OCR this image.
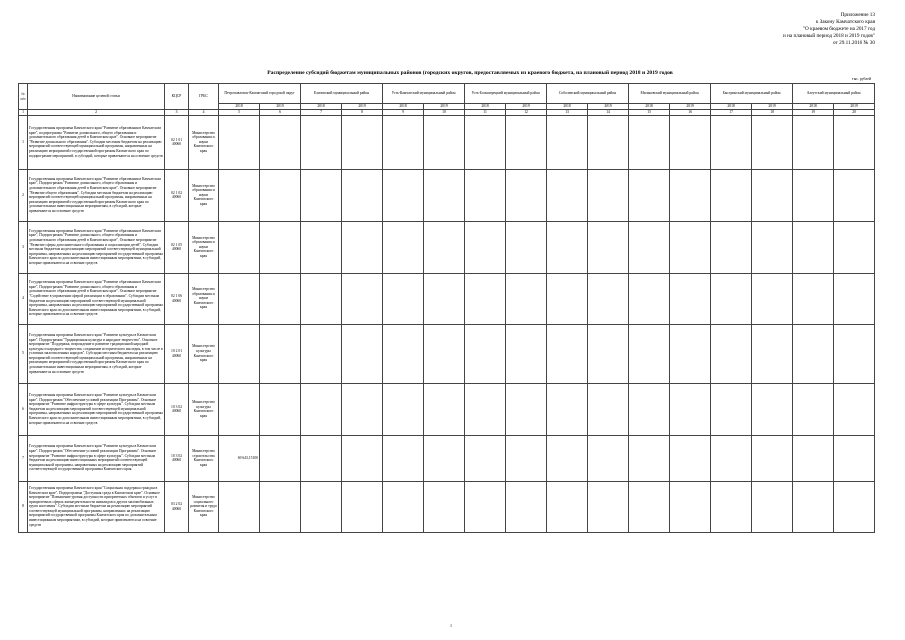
Приложение 13
к Закону Камчатского края
"О краевом бюджете на 2017 год
и на плановый период 2018 и 2019 годов"
от 29.11.2016 № 30
Распределение субсидий бюджетам муниципальных районов (городских округов, предоставляемых из краевого бюджета, на плановый период 2018 и 2019 годов
тыс. рублей
№ п/п	Наименование целевой статьи	КЦСР	ГРБС	Петропавловск-Камчатский городской округ		Елизовский муниципальный район		Усть-Камчатский муниципальный район		Усть-Большерецкий муниципальный район		Соболевский муниципальный район		Мильковский муниципальный район		Быстринский муниципальный район		Алеутский муниципальный район	
				2018	2019	2018	2019	2018	2019	2018	2019	2018	2019	2018	2019	2018	2019	2018	2019
1	2	3	4	5	6	7	8	9	10	11	12	13	14	15	16	17	18	19	20
1	Государственная программа Камчатского края "Развитие образования в Камчатском крае", подпрограмма "Развитие дошкольного, общего образования и дополнительного образования детей в Камчатском крае". Основное мероприятие "Развитие дошкольного образования". Субсидии местным бюджетам на реализацию мероприятий соответствующей муниципальной программы, направленных на реализацию мероприятий государственной программы Камчатского края по подпрограмме мероприятий, в субсидий, которые привлекаются на освоение средств	02 1 01 40060	Министерство образования и науки Камчатского края																
2	Государственная программа Камчатского края "Развитие образования в Камчатском крае", Подпрограмма "Развитие дошкольного, общего образования и дополнительного образования детей в Камчатском крае". Основное мероприятие "Развитие общего образования". Субсидии местным бюджетам на реализацию мероприятий соответствующей муниципальной программы, направленных на реализацию мероприятий государственной программы Камчатского края по дополнительным инвестиционным мероприятиям, в субсидий, которые привлекаются на освоение средств	02 1 02 40060	Министерство образования и науки Камчатского края																
3	Государственная программа Камчатского края "Развитие образования в Камчатском крае", Подпрограмма "Развитие дошкольного, общего образования и дополнительного образования детей в Камчатском крае". Основное мероприятие "Развитие сферы дополнительного образования и социализации детей". Субсидии местным бюджетам на реализацию мероприятий соответствующей муниципальной программы, направленных на реализацию мероприятий государственной программы Камчатского края по дополнительным инвестиционным мероприятиям, в субсидий, которые привлекаются на освоение средств	02 1 05 40060	Министерство образования и науки Камчатского края																
4	Государственная программа Камчатского края "Развитие образования в Камчатском крае", Подпрограмма "Развитие дошкольного, общего образования и дополнительного образования детей в Камчатском крае". Основное мероприятие "Содействие в управлении сферой реализации в образовании". Субсидии местным бюджетам на реализацию мероприятий соответствующей муниципальной программы, направленных на реализацию мероприятий государственной программы Камчатского края по дополнительным инвестиционным мероприятиям, в субсидий, которые привлекаются на освоение средств	02 1 06 40060	Министерство образования и науки Камчатского края																
5	Государственная программа Камчатского края "Развитие культуры в Камчатском крае". Подпрограмма "Традиционная культура и народное творчество". Основное мероприятие "Поддержка, возрождение и развитие традиционной народной культуры и народного творчества, сохранение исторического наследия, в том числе в условиях малочисленных народов". Субсидии местным бюджетам на реализацию мероприятий соответствующей муниципальной программы, направленных на реализацию мероприятий государственной программы Камчатского края по дополнительным инвестиционным мероприятиям, в субсидий, которые привлекаются на освоение средств	10 2 01 40060	Министерство культуры Камчатского края																
6	Государственная программа Камчатского края "Развитие культуры в Камчатском крае". Подпрограмма "Обеспечение условий реализации Программы". Основное мероприятие "Развитие инфраструктуры в сфере культуры". Субсидии местным бюджетам на реализацию мероприятий соответствующей муниципальной программы, направленных на реализацию мероприятий государственной программы Камчатского края по дополнительным инвестиционным мероприятиям, в субсидий, которые привлекаются на освоение средств	10 3 02 40060	Министерство культуры Камчатского края																
7	Государственная программа Камчатского края "Развитие культуры в Камчатском крае". Подпрограмма "Обеспечение условий реализации Программы". Основное мероприятие "Развитие инфраструктуры в сфере культуры". Субсидии местным бюджетам на реализацию инвестиционных мероприятий соответствующей муниципальной программы, направленных на реализацию мероприятий соответствующей государственной программы Камчатского края.	10 3 02 40060	Министерство строительства Камчатского края	69 643,15100															
8	Государственная программа Камчатского края "Социальная поддержка граждан в Камчатском крае". Подпрограмма "Доступная среда в Камчатском крае". Основное мероприятие "Повышение уровня доступности приоритетных объектов и услуг в приоритетных сферах жизнедеятельности инвалидов и других маломобильных групп населения". Субсидии местным бюджетам на реализацию мероприятий соответствующей муниципальной программы, направленных на реализацию мероприятий государственной программы Камчатского края по дополнительным инвестиционным мероприятиям, в субсидий, которые привлекаются на освоение средств	03 2 02 40060	Министерство социального развития и труда Камчатского края																
1
